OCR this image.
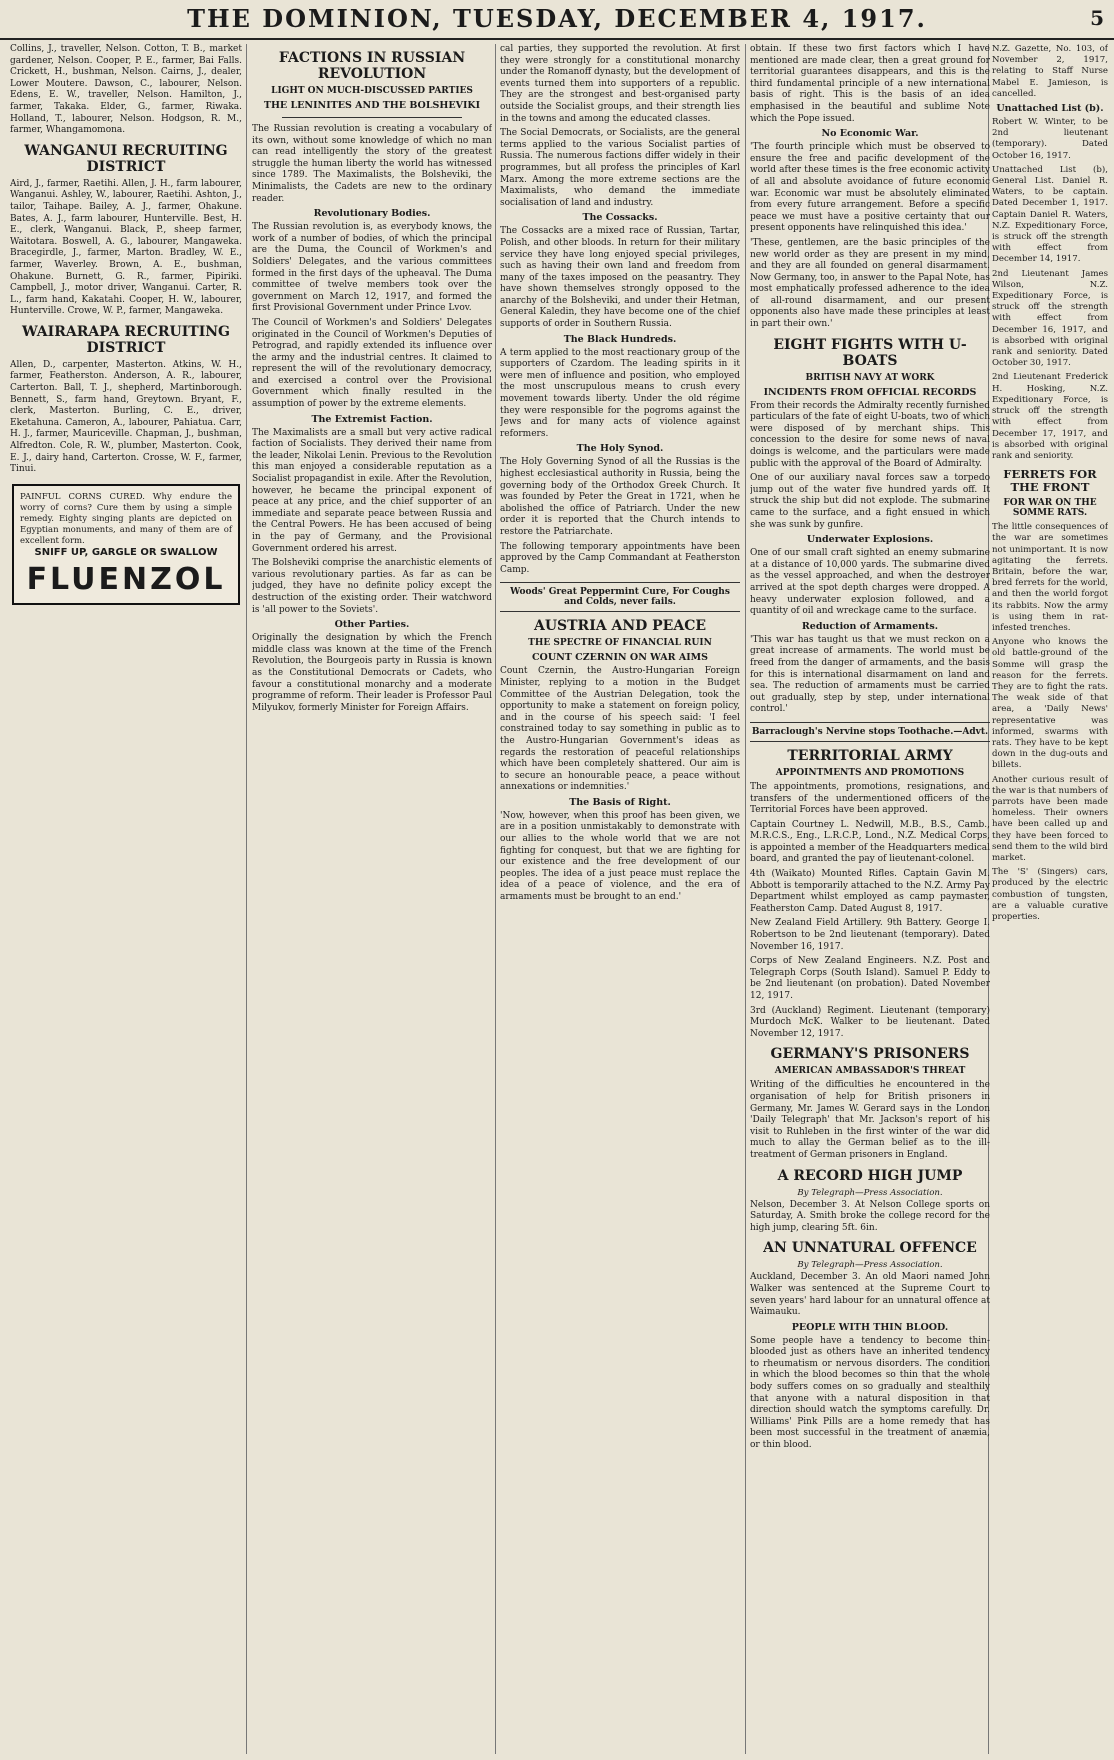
THE DOMINION, TUESDAY, DECEMBER 4, 1917.	5

Collins, J., traveller, Nelson. Cotton, T. B., market gardener, Nelson. Cooper, P. E., farmer, Bai Falls. Crickett, H., bushman, Nelson. Cairns, J., dealer, Lower Moutere. Dawson, C., labourer, Nelson. Edens, E. W., traveller, Nelson. Hamilton, J., farmer, Takaka. Elder, G., farmer, Riwaka. Holland, T., labourer, Nelson. Hodgson, R. M., farmer, Whangamomona.

WANGANUI RECRUITING DISTRICT

Aird, J., farmer, Raetihi. Allen, J. H., farm labourer, Wanganui. Ashley, W., labourer, Raetihi. Ashton, J., tailor, Taihape. Bailey, A. J., farmer, Ohakune. Bates, A. J., farm labourer, Hunterville. Best, H. E., clerk, Wanganui. Black, P., sheep farmer, Waitotara. Boswell, A. G., labourer, Mangaweka. Bracegirdle, J., farmer, Marton. Bradley, W. E., farmer, Waverley. Brown, A. E., bushman, Ohakune. Burnett, G. R., farmer, Pipiriki. Campbell, J., motor driver, Wanganui. Carter, R. L., farm hand, Kakatahi. Cooper, H. W., labourer, Hunterville. Crowe, W. P., farmer, Mangaweka.

WAIRARAPA RECRUITING DISTRICT

Allen, D., carpenter, Masterton. Atkins, W. H., farmer, Featherston. Anderson, A. R., labourer, Carterton. Ball, T. J., shepherd, Martinborough. Bennett, S., farm hand, Greytown. Bryant, F., clerk, Masterton. Burling, C. E., driver, Eketahuna. Cameron, A., labourer, Pahiatua. Carr, H. J., farmer, Mauriceville. Chapman, J., bushman, Alfredton. Cole, R. W., plumber, Masterton. Cook, E. J., dairy hand, Carterton. Crosse, W. F., farmer, Tinui.

PAINFUL CORNS CURED. Why endure the worry of corns? Cure them by using a simple remedy. Eighty singing plants are depicted on Egyptian monuments, and many of them are of excellent form.
SNIFF UP, GARGLE OR SWALLOW
FLUENZOL
FACTIONS IN RUSSIAN REVOLUTION
LIGHT ON MUCH-DISCUSSED PARTIES
THE LENINITES AND THE BOLSHEVIKI

The Russian revolution is creating a vocabulary of its own, without some knowledge of which no man can read intelligently the story of the greatest struggle the human liberty the world has witnessed since 1789. The Maximalists, the Bolsheviki, the Minimalists, the Cadets are new to the ordinary reader.

Revolutionary Bodies.

The Russian revolution is, as everybody knows, the work of a number of bodies, of which the principal are the Duma, the Council of Workmen's and Soldiers' Delegates, and the various committees formed in the first days of the upheaval. The Duma committee of twelve members took over the government on March 12, 1917, and formed the first Provisional Government under Prince Lvov.

The Council of Workmen's and Soldiers' Delegates originated in the Council of Workmen's Deputies of Petrograd, and rapidly extended its influence over the army and the industrial centres. It claimed to represent the will of the revolutionary democracy, and exercised a control over the Provisional Government which finally resulted in the assumption of power by the extreme elements.

The Extremist Faction.

The Maximalists are a small but very active radical faction of Socialists. They derived their name from the leader, Nikolai Lenin. Previous to the Revolution this man enjoyed a considerable reputation as a Socialist propagandist in exile. After the Revolution, however, he became the principal exponent of peace at any price, and the chief supporter of an immediate and separate peace between Russia and the Central Powers. He has been accused of being in the pay of Germany, and the Provisional Government ordered his arrest.

The Bolsheviki comprise the anarchistic elements of various revolutionary parties. As far as can be judged, they have no definite policy except the destruction of the existing order. Their watchword is 'all power to the Soviets'.

Other Parties.

Originally the designation by which the French middle class was known at the time of the French Revolution, the Bourgeois party in Russia is known as the Constitutional Democrats or Cadets, who favour a constitutional monarchy and a moderate programme of reform. Their leader is Professor Paul Milyukov, formerly Minister for Foreign Affairs.

cal parties, they supported the revolution. At first they were strongly for a constitutional monarchy under the Romanoff dynasty, but the development of events turned them into supporters of a republic. They are the strongest and best-organised party outside the Socialist groups, and their strength lies in the towns and among the educated classes.

The Social Democrats, or Socialists, are the general terms applied to the various Socialist parties of Russia. The numerous factions differ widely in their programmes, but all profess the principles of Karl Marx. Among the more extreme sections are the Maximalists, who demand the immediate socialisation of land and industry.

The Cossacks.

The Cossacks are a mixed race of Russian, Tartar, Polish, and other bloods. In return for their military service they have long enjoyed special privileges, such as having their own land and freedom from many of the taxes imposed on the peasantry. They have shown themselves strongly opposed to the anarchy of the Bolsheviki, and under their Hetman, General Kaledin, they have become one of the chief supports of order in Southern Russia.

The Black Hundreds.

A term applied to the most reactionary group of the supporters of Czardom. The leading spirits in it were men of influence and position, who employed the most unscrupulous means to crush every movement towards liberty. Under the old régime they were responsible for the pogroms against the Jews and for many acts of violence against reformers.

The Holy Synod.

The Holy Governing Synod of all the Russias is the highest ecclesiastical authority in Russia, being the governing body of the Orthodox Greek Church. It was founded by Peter the Great in 1721, when he abolished the office of Patriarch. Under the new order it is reported that the Church intends to restore the Patriarchate.

The following temporary appointments have been approved by the Camp Commandant at Featherston Camp.

Woods' Great Peppermint Cure, For Coughs and Colds, never fails.
AUSTRIA AND PEACE
THE SPECTRE OF FINANCIAL RUIN
COUNT CZERNIN ON WAR AIMS

Count Czernin, the Austro-Hungarian Foreign Minister, replying to a motion in the Budget Committee of the Austrian Delegation, took the opportunity to make a statement on foreign policy, and in the course of his speech said: 'I feel constrained today to say something in public as to the Austro-Hungarian Government's ideas as regards the restoration of peaceful relationships which have been completely shattered. Our aim is to secure an honourable peace, a peace without annexations or indemnities.'

The Basis of Right.

'Now, however, when this proof has been given, we are in a position unmistakably to demonstrate with our allies to the whole world that we are not fighting for conquest, but that we are fighting for our existence and the free development of our peoples. The idea of a just peace must replace the idea of a peace of violence, and the era of armaments must be brought to an end.'

obtain. If these two first factors which I have mentioned are made clear, then a great ground for territorial guarantees disappears, and this is the third fundamental principle of a new international basis of right. This is the basis of an idea emphasised in the beautiful and sublime Note which the Pope issued.

No Economic War.

'The fourth principle which must be observed to ensure the free and pacific development of the world after these times is the free economic activity of all and absolute avoidance of future economic war. Economic war must be absolutely eliminated from every future arrangement. Before a specific peace we must have a positive certainty that our present opponents have relinquished this idea.'

'These, gentlemen, are the basic principles of the new world order as they are present in my mind, and they are all founded on general disarmament. Now Germany, too, in answer to the Papal Note, has most emphatically professed adherence to the idea of all-round disarmament, and our present opponents also have made these principles at least in part their own.'

EIGHT FIGHTS WITH U-BOATS
BRITISH NAVY AT WORK
INCIDENTS FROM OFFICIAL RECORDS

From their records the Admiralty recently furnished particulars of the fate of eight U-boats, two of which were disposed of by merchant ships. This concession to the desire for some news of naval doings is welcome, and the particulars were made public with the approval of the Board of Admiralty.

One of our auxiliary naval forces saw a torpedo jump out of the water five hundred yards off. It struck the ship but did not explode. The submarine came to the surface, and a fight ensued in which she was sunk by gunfire.

Underwater Explosions.

One of our small craft sighted an enemy submarine at a distance of 10,000 yards. The submarine dived as the vessel approached, and when the destroyer arrived at the spot depth charges were dropped. A heavy underwater explosion followed, and a quantity of oil and wreckage came to the surface.

Reduction of Armaments.

'This war has taught us that we must reckon on a great increase of armaments. The world must be freed from the danger of armaments, and the basis for this is international disarmament on land and sea. The reduction of armaments must be carried out gradually, step by step, under international control.'

Barraclough's Nervine stops Toothache.—Advt.
TERRITORIAL ARMY
APPOINTMENTS AND PROMOTIONS

The appointments, promotions, resignations, and transfers of the undermentioned officers of the Territorial Forces have been approved.

Captain Courtney L. Nedwill, M.B., B.S., Camb., M.R.C.S., Eng., L.R.C.P., Lond., N.Z. Medical Corps, is appointed a member of the Headquarters medical board, and granted the pay of lieutenant-colonel.

4th (Waikato) Mounted Rifles. Captain Gavin M. Abbott is temporarily attached to the N.Z. Army Pay Department whilst employed as camp paymaster, Featherston Camp. Dated August 8, 1917.

New Zealand Field Artillery. 9th Battery. George I. Robertson to be 2nd lieutenant (temporary). Dated November 16, 1917.

Corps of New Zealand Engineers. N.Z. Post and Telegraph Corps (South Island). Samuel P. Eddy to be 2nd lieutenant (on probation). Dated November 12, 1917.

3rd (Auckland) Regiment. Lieutenant (temporary) Murdoch McK. Walker to be lieutenant. Dated November 12, 1917.

GERMANY'S PRISONERS
AMERICAN AMBASSADOR'S THREAT

Writing of the difficulties he encountered in the organisation of help for British prisoners in Germany, Mr. James W. Gerard says in the London 'Daily Telegraph' that Mr. Jackson's report of his visit to Ruhleben in the first winter of the war did much to allay the German belief as to the ill-treatment of German prisoners in England.

A RECORD HIGH JUMP
By Telegraph—Press Association.

Nelson, December 3. At Nelson College sports on Saturday, A. Smith broke the college record for the high jump, clearing 5ft. 6in.

AN UNNATURAL OFFENCE
By Telegraph—Press Association.

Auckland, December 3. An old Maori named John Walker was sentenced at the Supreme Court to seven years' hard labour for an unnatural offence at Waimauku.

PEOPLE WITH THIN BLOOD.

Some people have a tendency to become thin-blooded just as others have an inherited tendency to rheumatism or nervous disorders. The condition in which the blood becomes so thin that the whole body suffers comes on so gradually and stealthily that anyone with a natural disposition in that direction should watch the symptoms carefully. Dr. Williams' Pink Pills are a home remedy that has been most successful in the treatment of anæmia, or thin blood.

N.Z. Gazette, No. 103, of November 2, 1917, relating to Staff Nurse Mabel E. Jamieson, is cancelled.

Unattached List (b).

Robert W. Winter, to be 2nd lieutenant (temporary). Dated October 16, 1917.

Unattached List (b), General List. Daniel R. Waters, to be captain. Dated December 1, 1917. Captain Daniel R. Waters, N.Z. Expeditionary Force, is struck off the strength with effect from December 14, 1917.

2nd Lieutenant James Wilson, N.Z. Expeditionary Force, is struck off the strength with effect from December 16, 1917, and is absorbed with original rank and seniority. Dated October 30, 1917.

2nd Lieutenant Frederick H. Hosking, N.Z. Expeditionary Force, is struck off the strength with effect from December 17, 1917, and is absorbed with original rank and seniority.

FERRETS FOR THE FRONT
FOR WAR ON THE SOMME RATS.

The little consequences of the war are sometimes not unimportant. It is now agitating the ferrets. Britain, before the war, bred ferrets for the world, and then the world forgot its rabbits. Now the army is using them in rat-infested trenches.

Anyone who knows the old battle-ground of the Somme will grasp the reason for the ferrets. They are to fight the rats. The weak side of that area, a 'Daily News' representative was informed, swarms with rats. They have to be kept down in the dug-outs and billets.

Another curious result of the war is that numbers of parrots have been made homeless. Their owners have been called up and they have been forced to send them to the wild bird market.

The 'S' (Singers) cars, produced by the electric combustion of tungsten, are a valuable curative properties.
